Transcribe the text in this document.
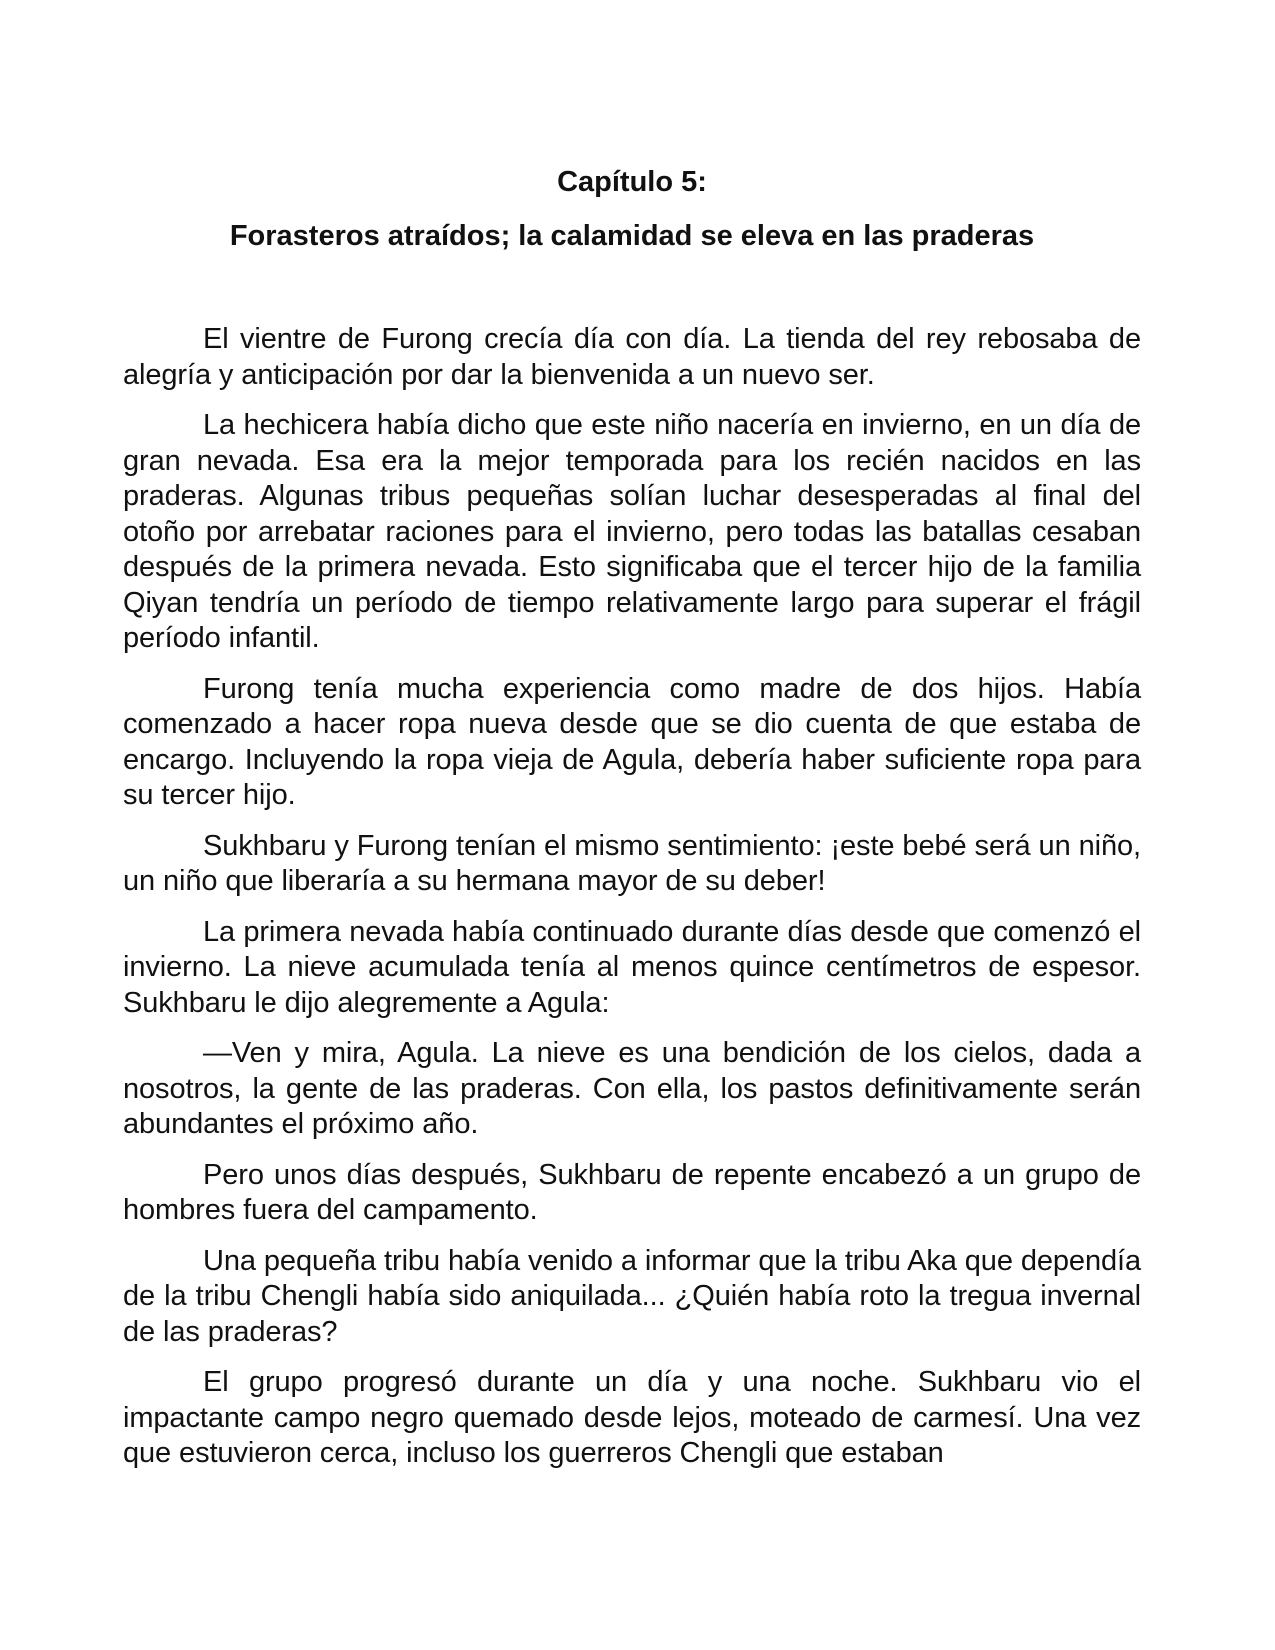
Capítulo 5:
Forasteros atraídos; la calamidad se eleva en las praderas

El vientre de Furong crecía día con día. La tienda del rey rebosaba de alegría y anticipación por dar la bienvenida a un nuevo ser.

La hechicera había dicho que este niño nacería en invierno, en un día de gran nevada. Esa era la mejor temporada para los recién nacidos en las praderas. Algunas tribus pequeñas solían luchar desesperadas al final del otoño por arrebatar raciones para el invierno, pero todas las batallas cesaban después de la primera nevada. Esto significaba que el tercer hijo de la familia Qiyan tendría un período de tiempo relativamente largo para superar el frágil período infantil.

Furong tenía mucha experiencia como madre de dos hijos. Había comenzado a hacer ropa nueva desde que se dio cuenta de que estaba de encargo. Incluyendo la ropa vieja de Agula, debería haber suficiente ropa para su tercer hijo.

Sukhbaru y Furong tenían el mismo sentimiento: ¡este bebé será un niño, un niño que liberaría a su hermana mayor de su deber!

La primera nevada había continuado durante días desde que comenzó el invierno. La nieve acumulada tenía al menos quince centímetros de espesor. Sukhbaru le dijo alegremente a Agula:

—Ven y mira, Agula. La nieve es una bendición de los cielos, dada a nosotros, la gente de las praderas. Con ella, los pastos definitivamente serán abundantes el próximo año.

Pero unos días después, Sukhbaru de repente encabezó a un grupo de hombres fuera del campamento.

Una pequeña tribu había venido a informar que la tribu Aka que dependía de la tribu Chengli había sido aniquilada... ¿Quién había roto la tregua invernal de las praderas?

El grupo progresó durante un día y una noche. Sukhbaru vio el impactante campo negro quemado desde lejos, moteado de carmesí. Una vez que estuvieron cerca, incluso los guerreros Chengli que estaban
